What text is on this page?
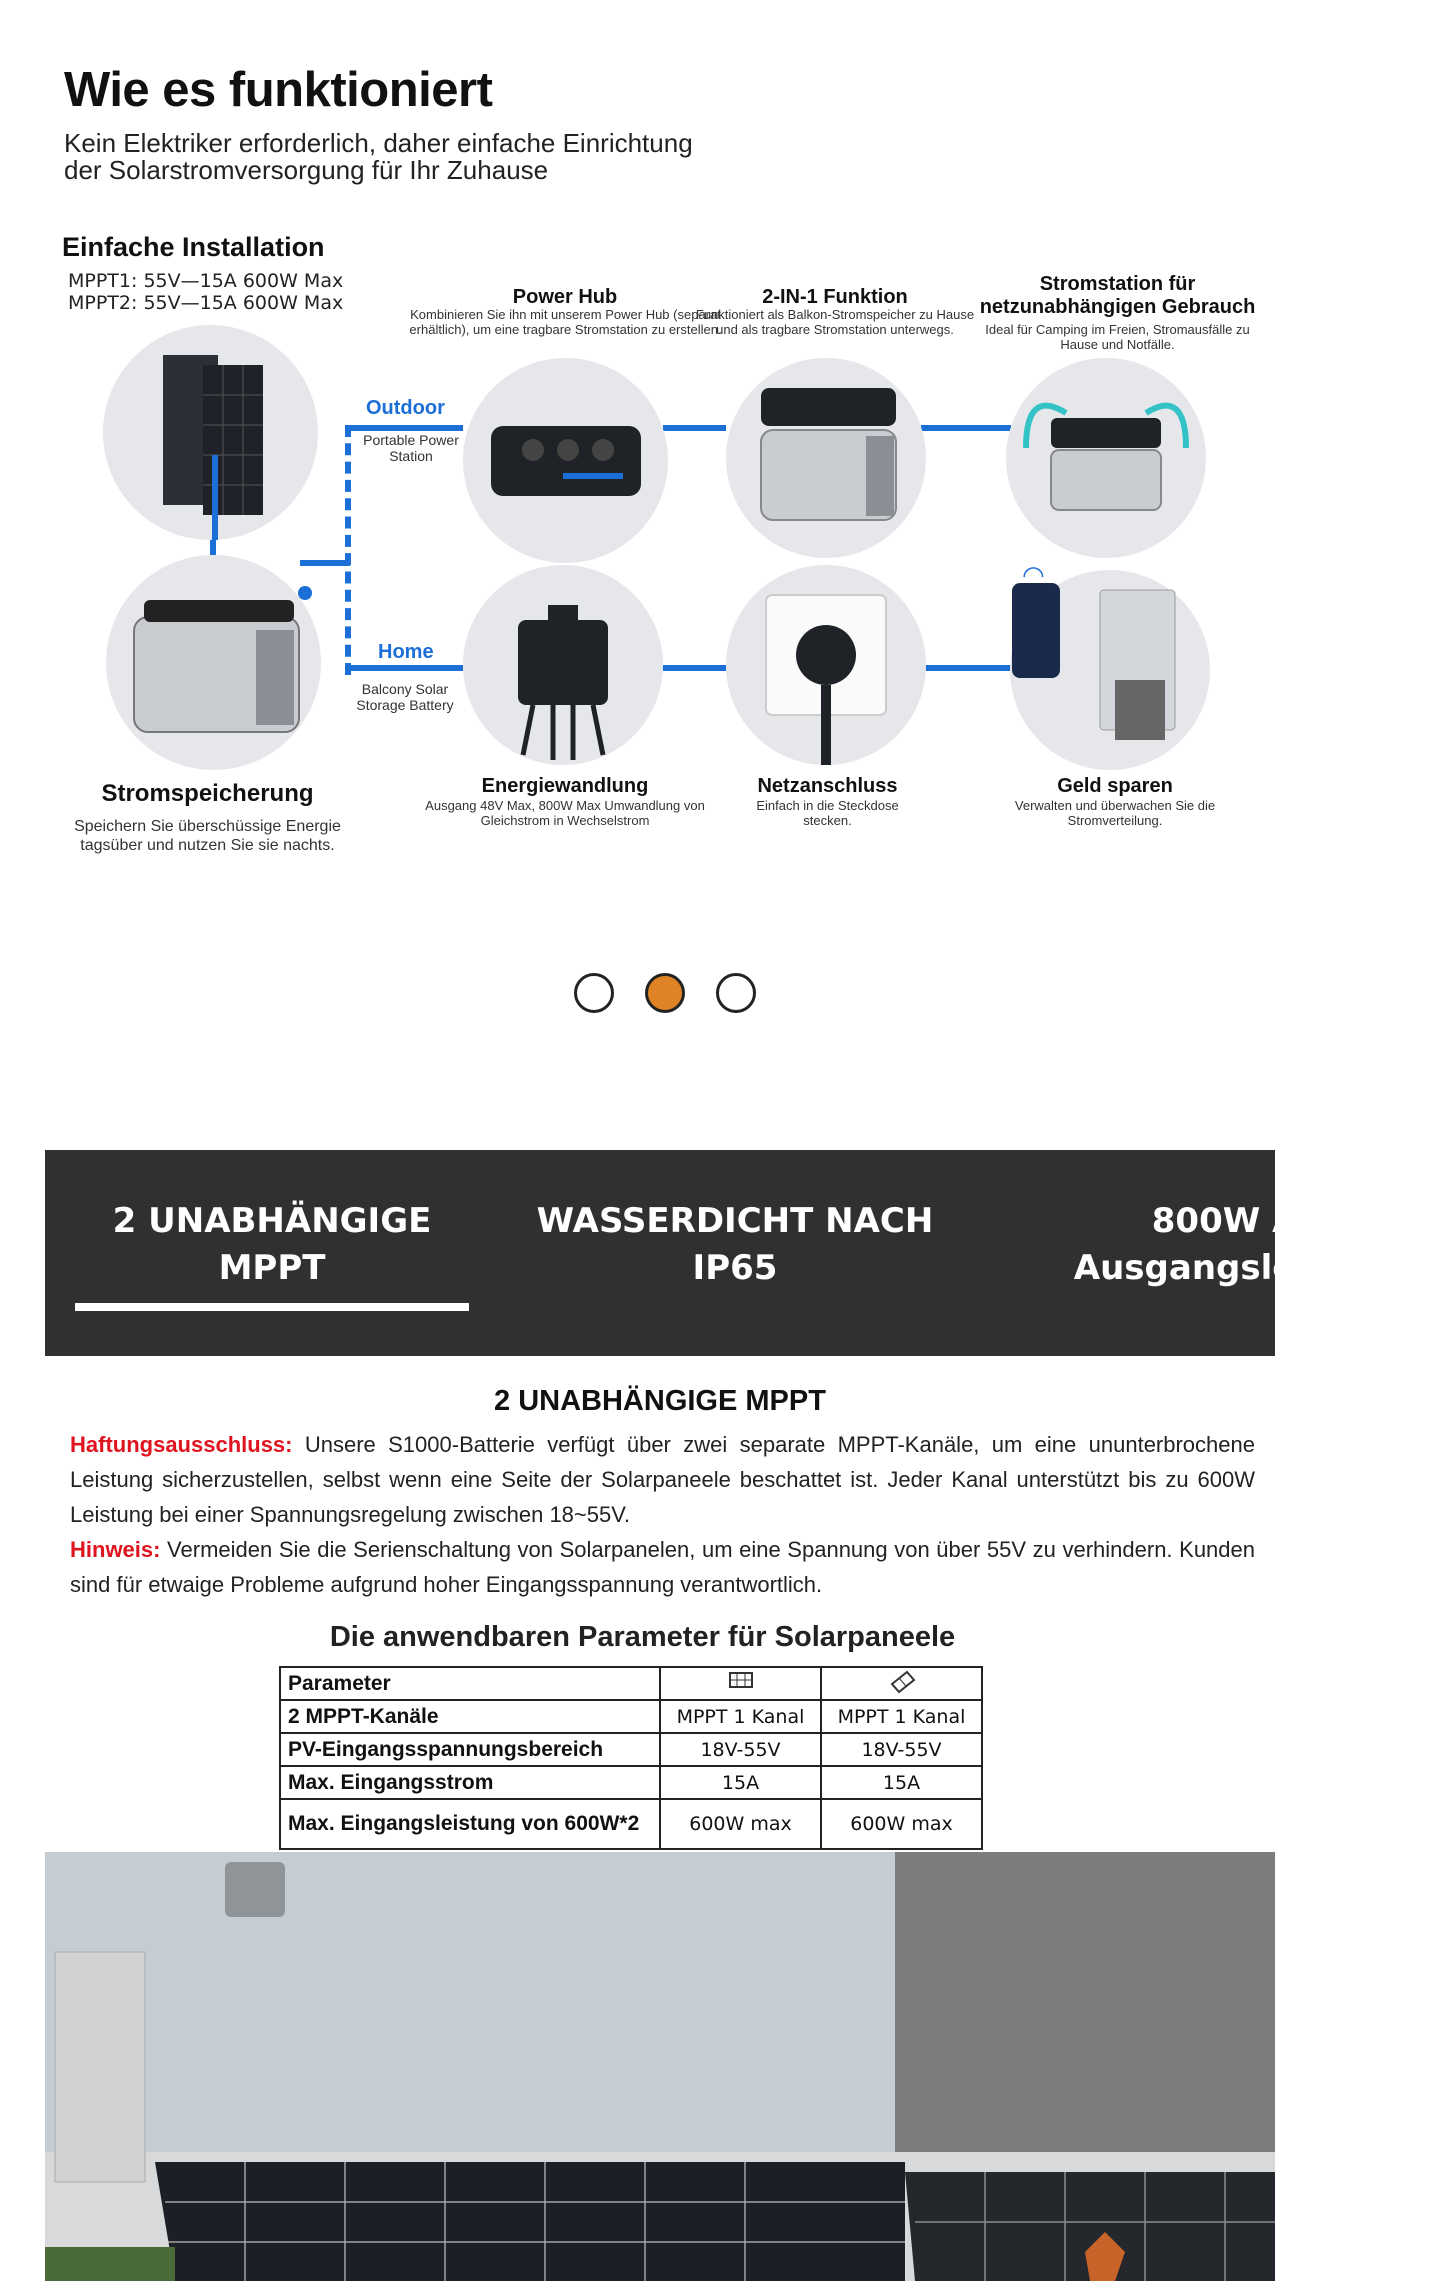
Wie es funktioniert
Kein Elektriker erforderlich, daher einfache Einrichtung
der Solarstromversorgung für Ihr Zuhause
Einfache Installation
MPPT1: 55V—15A 600W Max
MPPT2: 55V—15A 600W Max
Outdoor
Portable Power Station
Home
Balcony Solar Storage Battery
Stromspeicherung
Speichern Sie überschüssige Energie tagsüber und nutzen Sie sie nachts.
Power Hub
Kombinieren Sie ihn mit unserem Power Hub (separat erhältlich), um eine tragbare Stromstation zu erstellen.
2-IN-1 Funktion
Funktioniert als Balkon-Stromspeicher zu Hause und als tragbare Stromstation unterwegs.
Stromstation für netzunabhängigen Gebrauch
Ideal für Camping im Freien, Stromausfälle zu Hause und Notfälle.
Energiewandlung
Ausgang 48V Max, 800W Max Umwandlung von Gleichstrom in Wechselstrom
Netzanschluss
Einfach in die Steckdose stecken.
◠
Geld sparen
Verwalten und überwachen Sie die Stromverteilung.
2 UNABHÄNGIGE
MPPT
WASSERDICHT NACH
IP65
800W AC-
Ausgangsleistung
2 UNABHÄNGIGE MPPT
Haftungsausschluss: Unsere S1000-Batterie verfügt über zwei separate MPPT-Kanäle, um eine ununterbrochene Leistung sicherzustellen, selbst wenn eine Seite der Solarpaneele beschattet ist. Jeder Kanal unterstützt bis zu 600W Leistung bei einer Spannungsregelung zwischen 18~55V.
Hinweis: Vermeiden Sie die Serienschaltung von Solarpanelen, um eine Spannung von über 55V zu verhindern. Kunden sind für etwaige Probleme aufgrund hoher Eingangsspannung verantwortlich.
Die anwendbaren Parameter für Solarpaneele
Parameter		
2 MPPT-Kanäle	MPPT 1 Kanal	MPPT 1 Kanal
PV-Eingangsspannungsbereich	18V-55V	18V-55V
Max. Eingangsstrom	15A	15A
Max. Eingangsleistung von 600W*2	600W max	600W max
